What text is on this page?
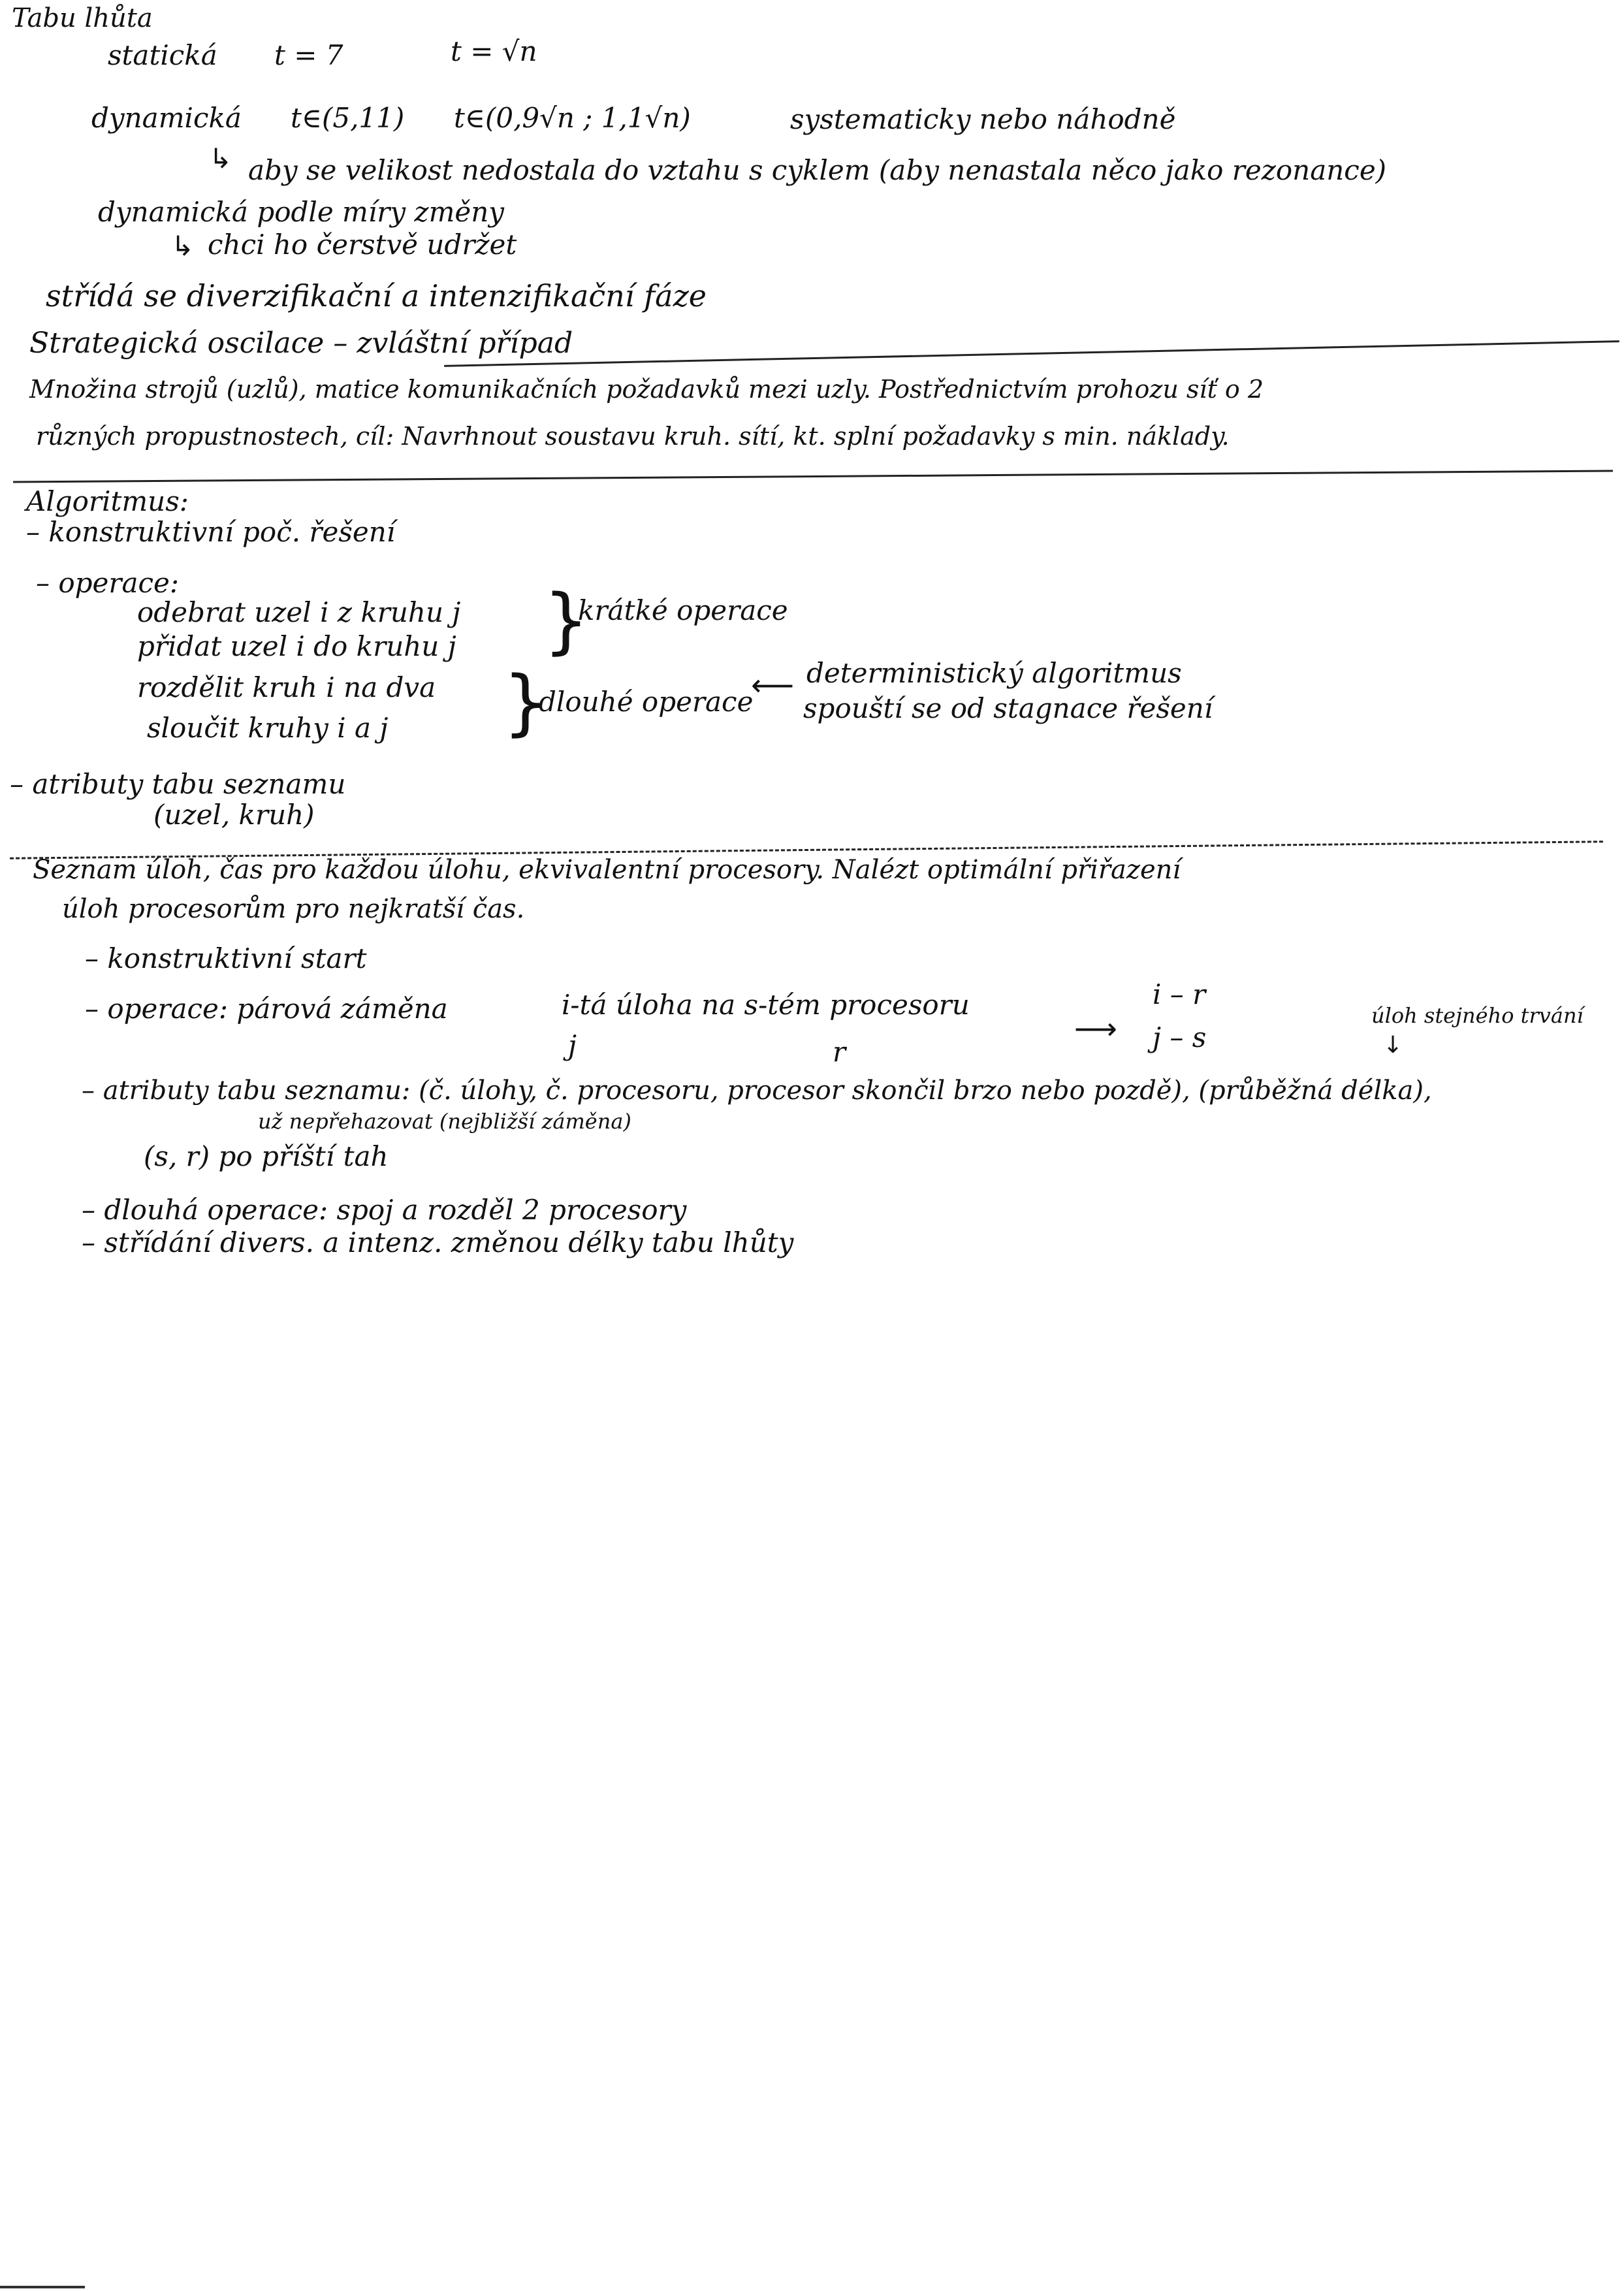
Tabu lhůta
statická t = 7	t = √n
dynamická t∈(5,11) t∈(0,9√n ; 1,1√n)	systematicky nebo náhodně
↳ aby se velikost nedostala do vztahu s cyklem (aby nenastala něco jako rezonance)
dynamická podle míry změny
↳ chci ho čerstvě udržet
střídá se diverzifikační a intenzifikační fáze
Strategická oscilace – zvláštní případ
Množina strojů (uzlů), matice komunikačních požadavků mezi uzly. Postřednictvím prohozu síť o 2
různých propustnostech, cíl: Navrhnout soustavu kruh. sítí, kt. splní požadavky s min. náklady.
Algoritmus:
– konstruktivní poč. řešení
– operace:
odebrat uzel i z kruhu j
přidat uzel i do kruhu j
rozdělit kruh i na dva
sloučit kruhy i a j
}
krátké operace
}
dlouhé operace
⟵ deterministický algoritmus
spouští se od stagnace řešení
– atributy tabu seznamu
(uzel, kruh)
Seznam úloh, čas pro každou úlohu, ekvivalentní procesory. Nalézt optimální přiřazení
úloh procesorům pro nejkratší čas.
– konstruktivní start
– operace: párová záměna	i-tá úloha na s-tém procesoru
j	r
⟶
i – r
j – s
úloh stejného trvání
↓
– atributy tabu seznamu: (č. úlohy, č. procesoru, procesor skončil brzo nebo pozdě), (průběžná délka),
už nepřehazovat (nejbližší záměna)
(s, r) po příští tah
– dlouhá operace: spoj a rozděl 2 procesory
– střídání divers. a intenz. změnou délky tabu lhůty
